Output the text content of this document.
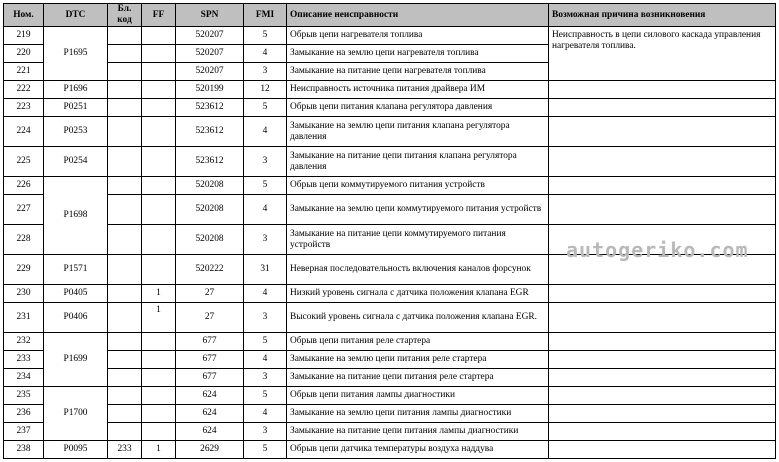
Ном.	DTC	Бл. код	FF	SPN	FMI	Описание неисправности	Возможная причина возникновения
219	P1695			520207	5	Обрыв цепи нагревателя топлива	Неисправность в цепи силового каскада управления нагревателя топлива.
220				520207	4	Замыкание на землю цепи нагревателя топлива	
221				520207	3	Замыкание на питание цепи нагревателя топлива	
222	P1696			520199	12	Неисправность источника питания драйвера ИМ	
223	P0251			523612	5	Обрыв цепи питания клапана регулятора давления	
224	P0253			523612	4	Замыкание на землю цепи питания клапана регулятора давления	
225	P0254			523612	3	Замыкание на питание цепи питания клапана регулятора давления	
226	P1698			520208	5	Обрыв цепи коммутируемого питания устройств	
227				520208	4	Замыкание на землю цепи коммутируемого питания устройств	
228				520208	3	Замыкание на питание цепи коммутируемого питания устройств	
229	P1571			520222	31	Неверная последовательность включения каналов форсунок	
230	P0405		1	27	4	Низкий уровень сигнала с датчика положения клапана EGR	
231	P0406		1	27	3	Высокий уровень сигнала с датчика положения клапана EGR.	
232	P1699			677	5	Обрыв цепи питания реле стартера	
233				677	4	Замыкание на землю цепи питания реле стартера	
234				677	3	Замыкание на питание цепи питания реле стартера	
235	P1700			624	5	Обрыв цепи питания лампы диагностики	
236				624	4	Замыкание на землю цепи питания лампы диагностики	
237				624	3	Замыкание на питание цепи питания лампы диагностики	
238	P0095	233	1	2629	5	Обрыв цепи датчика температуры воздуха наддува	
autogeriko.com
